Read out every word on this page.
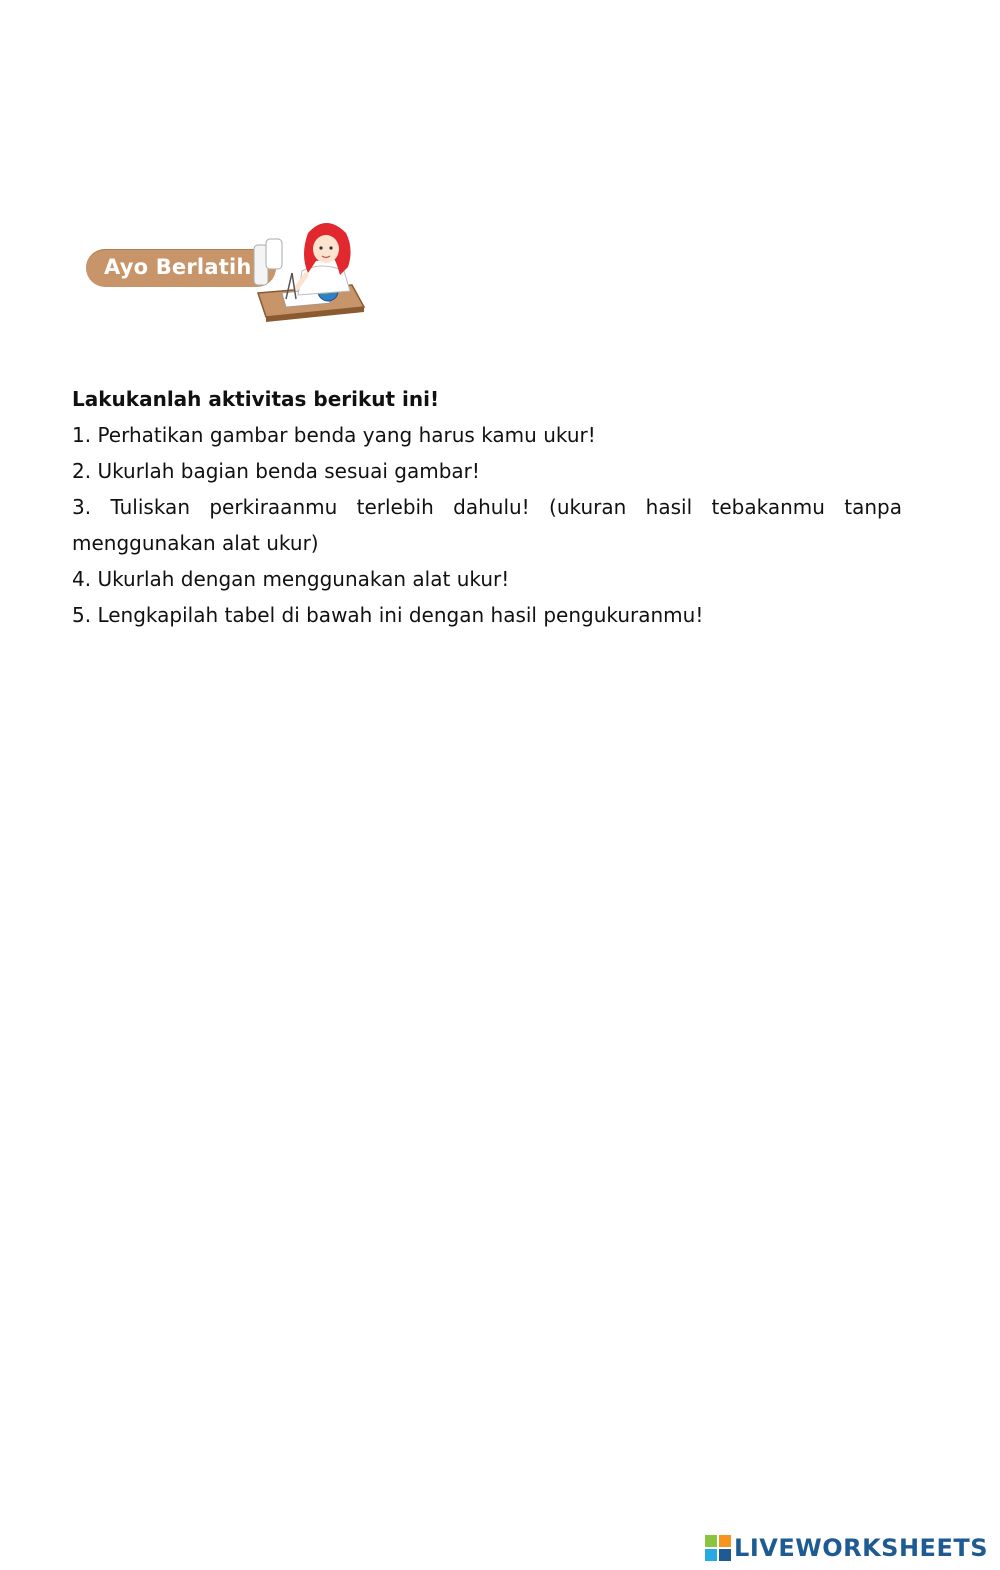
Ayo Berlatih

Lakukanlah aktivitas berikut ini!

1. Perhatikan gambar benda yang harus kamu ukur!

2. Ukurlah bagian benda sesuai gambar!

3. Tuliskan perkiraanmu terlebih dahulu! (ukuran hasil tebakanmu tanpa menggunakan alat ukur)

4. Ukurlah dengan menggunakan alat ukur!

5. Lengkapilah tabel di bawah ini dengan hasil pengukuranmu!

LIVEWORKSHEETS
